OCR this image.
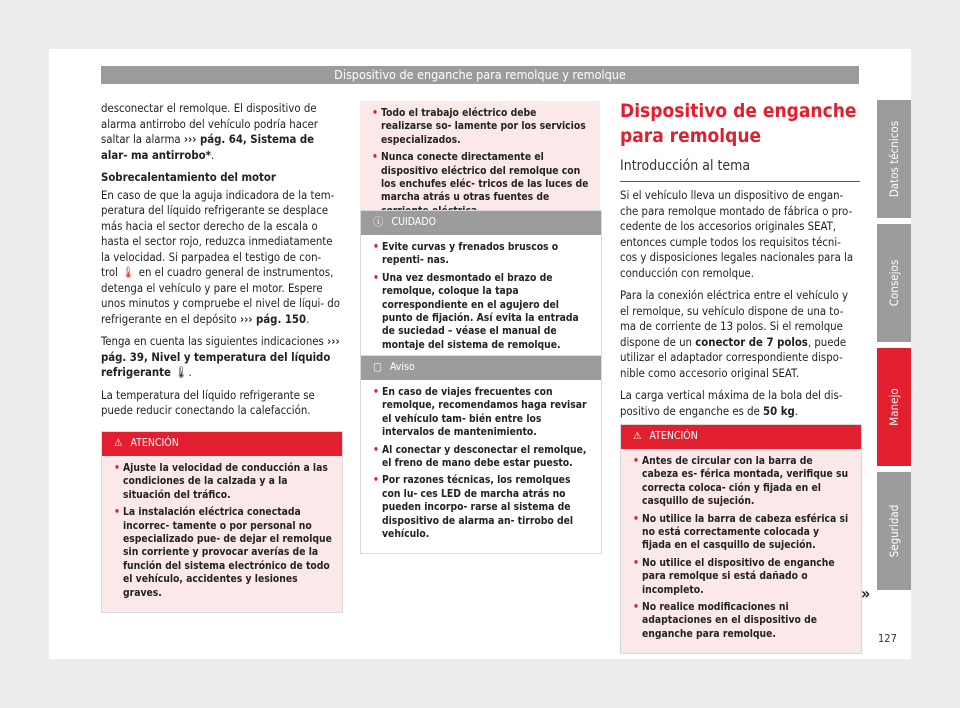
Dispositivo de enganche para remolque y remolque

desconectar el remolque. El dispositivo de alarma antirrobo del vehículo podría hacer saltar la alarma ››› pág. 64, Sistema de alar- ma antirrobo*.

Sobrecalentamiento del motor

En caso de que la aguja indicadora de la tem- peratura del líquido refrigerante se desplace más hacia el sector derecho de la escala o hasta el sector rojo, reduzca inmediatamente la velocidad. Si parpadea el testigo de con- trol 🌡 en el cuadro general de instrumentos, detenga el vehículo y pare el motor. Espere unos minutos y compruebe el nivel de líqui- do refrigerante en el depósito ››› pág. 150.

Tenga en cuenta las siguientes indicaciones ››› pág. 39, Nivel y temperatura del líquido refrigerante 🌡.

La temperatura del líquido refrigerante se puede reducir conectando la calefacción.

⚠ ATENCIÓN
• Ajuste la velocidad de conducción a las condiciones de la calzada y a la situación del tráfico.
• La instalación eléctrica conectada incorrec- tamente o por personal no especializado pue- de dejar el remolque sin corriente y provocar averías de la función del sistema electrónico de todo el vehículo, accidentes y lesiones graves.
• Todo el trabajo eléctrico debe realizarse so- lamente por los servicios especializados.
• Nunca conecte directamente el dispositivo eléctrico del remolque con los enchufes eléc- tricos de las luces de marcha atrás u otras fuentes de
ⓘ CUIDADO
• Evite curvas y frenados bruscos o repenti- nas.
• Una vez desmontado el brazo de remolque, coloque la tapa correspondiente en el agujero del punto de fijación. Así evita la entrada de suciedad – véase el manual de montaje del sistema de remolque.
▢ Aviso
• En caso de viajes frecuentes con remolque, recomendamos haga revisar el vehículo tam- bién entre los intervalos de mantenimiento.
• Al conectar y desconectar el remolque, el freno de mano debe estar puesto.
• Por razones técnicas, los remolques con lu- ces LED de marcha atrás no pueden incorpo- rarse al sistema de dispositivo de alarma an- tirrobo del vehículo.
Dispositivo de enganche para remolque
Introducción al tema

Si el vehículo lleva un dispositivo de engan- che para remolque montado de fábrica o pro- cedente de los accesorios originales SEAT, entonces cumple todos los requisitos técni- cos y disposiciones legales nacionales para la conducción con remolque.

Para la conexión eléctrica entre el vehículo y el remolque, su vehículo dispone de una to- ma de corriente de 13 polos. Si el remolque dispone de un conector de 7 polos, puede utilizar el adaptador correspondiente dispo- nible como accesorio original SEAT.

La carga vertical máxima de la bola del dis- positivo de enganche es de 50 kg.

⚠ ATENCIÓN
• Antes de circular con la barra de cabeza es- férica montada, verifique su correcta coloca- ción y fijada en el casquillo de sujeción.
• No utilice la barra de cabeza esférica si no está correctamente colocada y fijada en el casquillo de sujeción.
• No utilice el dispositivo de enganche para remolque si está dañado o incompleto.
• No realice modificaciones ni adaptaciones en el dispositivo de enganche para remolque.
»
Datos técnicos
Consejos
Manejo
Seguridad
127
